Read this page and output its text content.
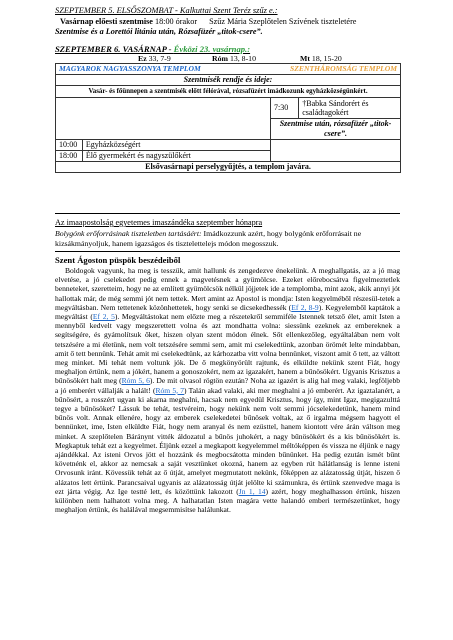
SZEPTEMBER 5. ELSŐSZOMBAT - Kalkuttai Szent Teréz szűz e.:
Vasárnap előesti szentmise 18:00 órakor Szűz Mária Szeplőtelen Szívének tiszteletére
Szentmise és a Lorettói litánia után, Rózsafüzér „titok-csere”.
SZEPTEMBER 6. VASÁRNAP - Évközi 23. vasárnap.:
Ez 33, 7-9	Róm 13, 8-10	Mt 18, 15-20
MAGYAROK NAGYASSZONYA TEMPLOM		SZENTHÁROMSÁG TEMPLOM	
Szentmisék rendje és ideje:			
Vasár- és főünnepen a szentmisék előtt félórával, rózsafüzért imádkozunk egyházközségünkért.			
		7:30	†Babka Sándorért és családtagokért
		Szentmise után, rózsafüzér „titok-csere”.	
10:00	Egyházközségért		
18:00	Élő gyermekért és nagyszülőkért		
Elsővasárnapi perselygyűjtés, a templom javára.			
Az imaapostolság egyetemes imaszándéka szeptember hónapra
Bolygónk erőforrásinak tiszteletben tartásáért: Imádkozzunk azért, hogy bolygónk erőforrásait ne kizsákmányoljuk, hanem igazságos és tisztelettelejs módon megosszuk.
Szent Ágoston püspök beszédeiből

Boldogok vagyunk, ha meg is tesszük, amit hallunk és zengedezve énekelünk. A meghallgatás, az a jó mag elvetése, a jó cselekedet pedig ennek a magvetésnek a gyümölcse. Ezeket előrebocsátva figyelmeztetlek benneteket, szeretteim, hogy ne az említett gyümölcsök nélkül jöjjetek ide a templomba, mint azok, akik annyi jót hallottak már, de még semmi jót nem tettek. Mert amint az Apostol is mondja: Isten kegyelméből részesül-tetek a megváltásban. Nem tettetenek közönhettetek, hogy senki se dicsekedhessék (Ef 2, 8-9). Kegyelemből kaptátok a megváltást (Ef 2, 5). Megváltástokat nem előzte meg a részetekről semmiféle Istennek tetsző élet, amit Isten a mennyből kedvelt vagy megszerettett volna és azt mondhatta volna: siessünk ezeknek az embereknek a segítségére, és gyámolítsuk őket, hiszen olyan szent módon élnek. Sőt ellenkezőleg, egyáltalában nem volt tetszésére a mi életünk, nem volt tetszésére semmi sem, amit mi cselekedtünk, azonban örömét lelte mindabban, amit ő tett bennünk. Tehát amit mi cselekedtünk, az kárhozatba vitt volna bennünket, viszont amit ő tett, az váltott meg minket. Mi tehát nem voltunk jók. De ő megkönyörült rajtunk, és elküldte nekünk szent Fiát, hogy meghaljon értünk, nem a jókért, hanem a gonoszokért, nem az igazakért, hanem a bűnösökért. Ugyanis Krisztus a bűnösökért halt meg (Róm 5, 6). De mit olvasol rögtön ezután? Noha az igazért is alig hal meg valaki, legföljebb a jó emberért vállalják a halált! (Róm 5, 7) Talán akad valaki, aki mer meghalni a jó emberért. Az igaztalanért, a bűnösért, a rosszért ugyan ki akarna meghalni, hacsak nem egyedül Krisztus, hogy így, mint Igaz, megigazulttá tegye a bűnösöket? Lássuk be tehát, testvéreim, hogy nekünk nem volt semmi jócselekedetünk, hanem mind bűnös volt. Annak ellenére, hogy az emberek cselekedetei bűnösek voltak, az ő irgalma mégsem hagyott el bennünket, ime, Isten elküldte Fiát, hogy nem aranyal és nem ezüsttel, hanem kiontott vére árán váltson meg minket. A szeplőtelen Báránynt vitték áldozatul a bűnös juhokért, a nagy bűnösökért és a kis bűnösökért is. Megkaptuk tehát ezt a kegyelmet. Éljünk ezzel a megkapott kegyelemmel méltóképpen és vissza ne éljünk e nagy ajándékkal. Az isteni Orvos jött el hozzánk és megbocsátotta minden bűnünket. Ha pedig ezután ismét bűnt követnénk el, akkor az nemcsak a saját vesztünket okozná, hanem az egyben rút hálátlanság is lenne isteni Orvosunk iránt. Kövessük tehát az ő útját, amelyet megmutatott nekünk, főképpen az alázatosság útját, hiszen ő alázatos lett értünk. Parancsaival ugyanis az alázatosság útját jelölte ki számunkra, és értünk szenvedve maga is ezt járta végig. Az Ige testté lett, és közöttünk lakozott (Jn 1, 14) azért, hogy meghalhasson értünk, hiszen különben nem halhatott volna meg. A halhatatlan Isten magára vette halandó emberi természetünket, hogy meghaljon értünk, és halálával megsemmisítse halálunkat.
